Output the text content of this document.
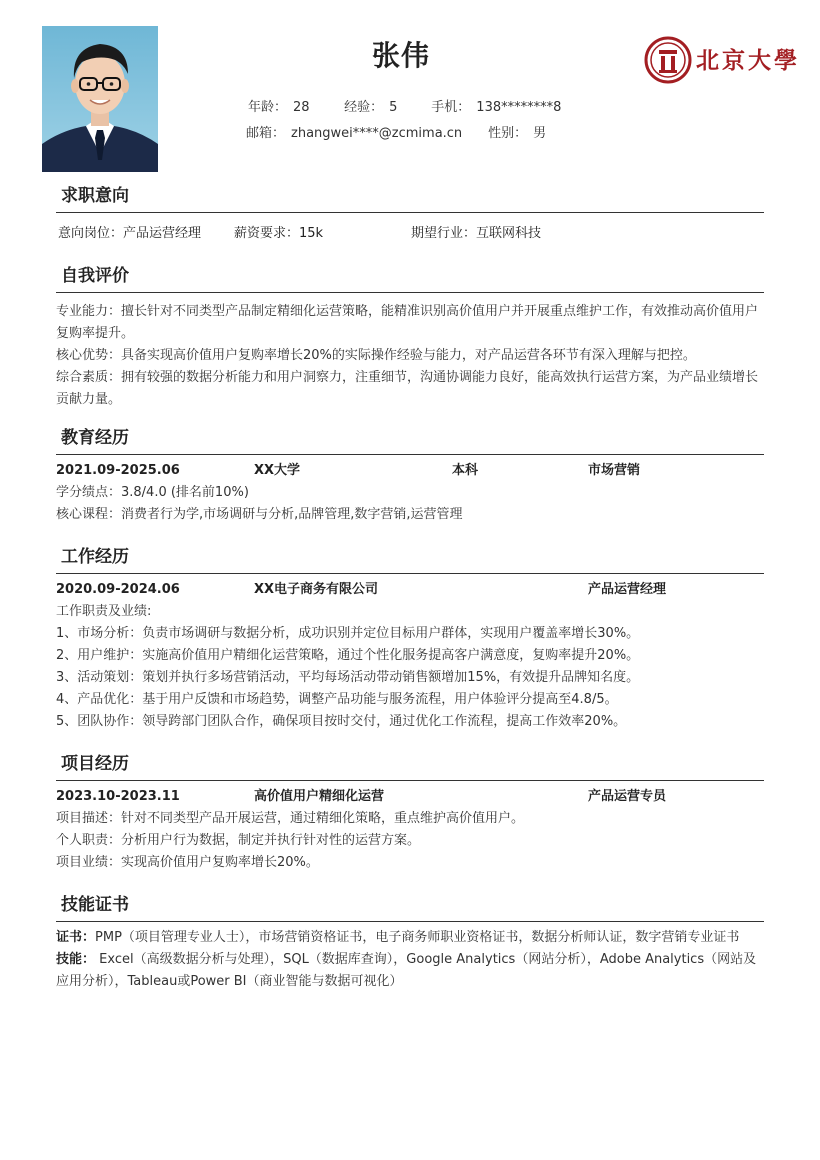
张伟
年龄： 28	经验： 5	手机： 138********8
邮箱： zhangwei****@zcmima.cn 性别： 男
北京大學
求职意向
意向岗位：产品运营经理	薪资要求：15k	期望行业：互联网科技
自我评价

专业能力：擅长针对不同类型产品制定精细化运营策略，能精准识别高价值用户并开展重点维护工作，有效推动高价值用户复购率提升。

核心优势：具备实现高价值用户复购率增长20%的实际操作经验与能力，对产品运营各环节有深入理解与把控。

综合素质：拥有较强的数据分析能力和用户洞察力，注重细节，沟通协调能力良好，能高效执行运营方案，为产品业绩增长贡献力量。

教育经历
2021.09-2025.06	XX大学	本科	市场营销

学分绩点：3.8/4.0 (排名前10%)

核心课程：消费者行为学,市场调研与分析,品牌管理,数字营销,运营管理

工作经历
2020.09-2024.06	XX电子商务有限公司	产品运营经理

工作职责及业绩:

1、市场分析：负责市场调研与数据分析，成功识别并定位目标用户群体，实现用户覆盖率增长30%。

2、用户维护：实施高价值用户精细化运营策略，通过个性化服务提高客户满意度，复购率提升20%。

3、活动策划：策划并执行多场营销活动，平均每场活动带动销售额增加15%，有效提升品牌知名度。

4、产品优化：基于用户反馈和市场趋势，调整产品功能与服务流程，用户体验评分提高至4.8/5。

5、团队协作：领导跨部门团队合作，确保项目按时交付，通过优化工作流程，提高工作效率20%。

项目经历
2023.10-2023.11	高价值用户精细化运营	产品运营专员

项目描述：针对不同类型产品开展运营，通过精细化策略，重点维护高价值用户。

个人职责：分析用户行为数据，制定并执行针对性的运营方案。

项目业绩：实现高价值用户复购率增长20%。

技能证书

证书：PMP（项目管理专业人士），市场营销资格证书，电子商务师职业资格证书，数据分析师认证，数字营销专业证书

技能： Excel（高级数据分析与处理），SQL（数据库查询），Google Analytics（网站分析），Adobe Analytics（网站及应用分析），Tableau或Power BI（商业智能与数据可视化）
